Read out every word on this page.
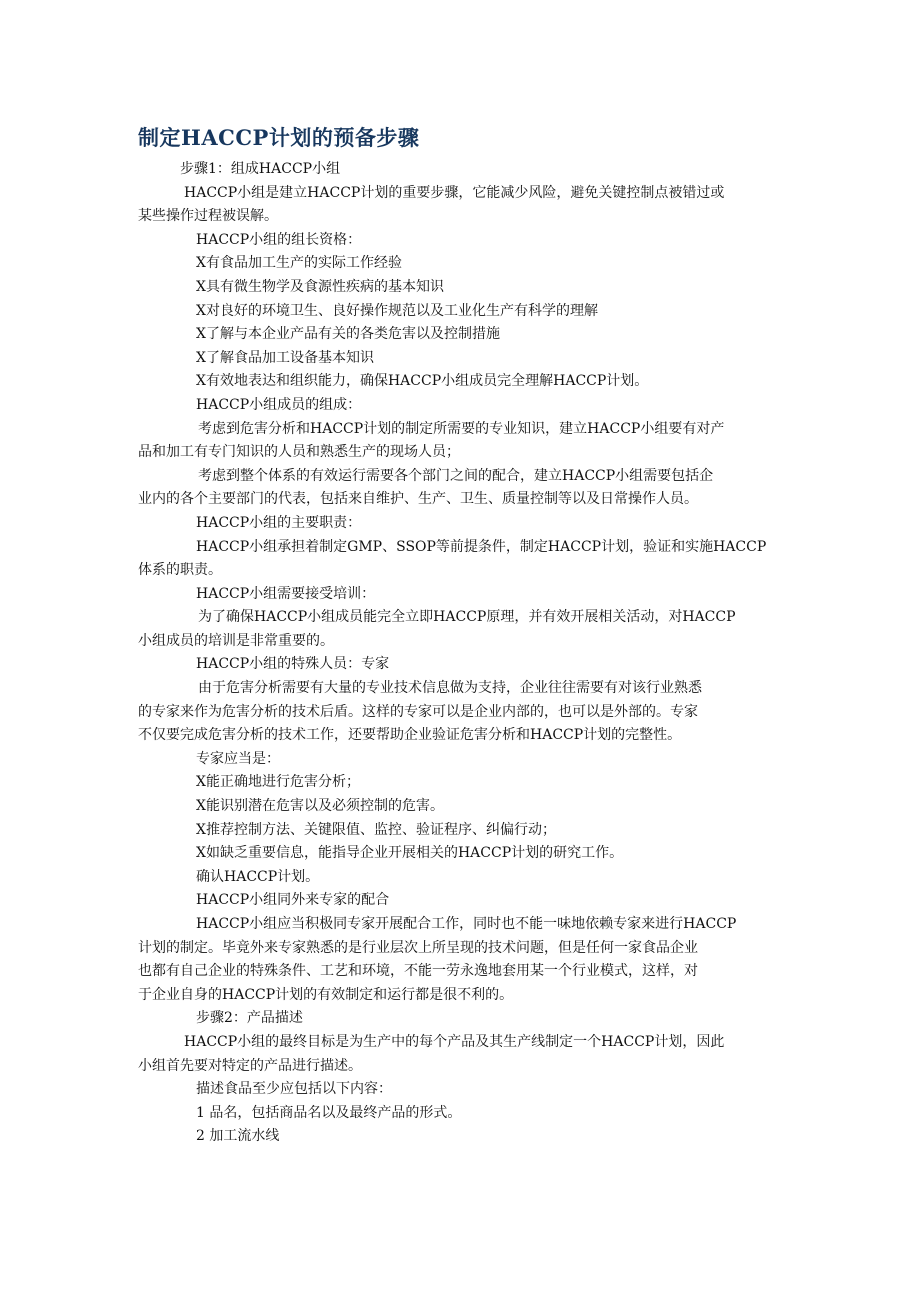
制定HACCP计划的预备步骤
步骤1：组成HACCP小组
HACCP小组是建立HACCP计划的重要步骤，它能减少风险，避免关键控制点被错过或
某些操作过程被误解。
HACCP小组的组长资格：
X有食品加工生产的实际工作经验
X具有微生物学及食源性疾病的基本知识
X对良好的环境卫生、良好操作规范以及工业化生产有科学的理解
X了解与本企业产品有关的各类危害以及控制措施
X了解食品加工设备基本知识
X有效地表达和组织能力，确保HACCP小组成员完全理解HACCP计划。
HACCP小组成员的组成：
考虑到危害分析和HACCP计划的制定所需要的专业知识，建立HACCP小组要有对产
品和加工有专门知识的人员和熟悉生产的现场人员；
考虑到整个体系的有效运行需要各个部门之间的配合，建立HACCP小组需要包括企
业内的各个主要部门的代表，包括来自维护、生产、卫生、质量控制等以及日常操作人员。
HACCP小组的主要职责：
HACCP小组承担着制定GMP、SSOP等前提条件，制定HACCP计划，验证和实施HACCP
体系的职责。
HACCP小组需要接受培训：
为了确保HACCP小组成员能完全立即HACCP原理，并有效开展相关活动，对HACCP
小组成员的培训是非常重要的。
HACCP小组的特殊人员：专家
由于危害分析需要有大量的专业技术信息做为支持，企业往往需要有对该行业熟悉
的专家来作为危害分析的技术后盾。这样的专家可以是企业内部的，也可以是外部的。专家
不仅要完成危害分析的技术工作，还要帮助企业验证危害分析和HACCP计划的完整性。
专家应当是：
X能正确地进行危害分析；
X能识别潜在危害以及必须控制的危害。
X推荐控制方法、关键限值、监控、验证程序、纠偏行动；
X如缺乏重要信息，能指导企业开展相关的HACCP计划的研究工作。
确认HACCP计划。
HACCP小组同外来专家的配合
HACCP小组应当积极同专家开展配合工作，同时也不能一味地依赖专家来进行HACCP
计划的制定。毕竟外来专家熟悉的是行业层次上所呈现的技术问题，但是任何一家食品企业
也都有自己企业的特殊条件、工艺和环境，不能一劳永逸地套用某一个行业模式，这样，对
于企业自身的HACCP计划的有效制定和运行都是很不利的。
步骤2：产品描述
HACCP小组的最终目标是为生产中的每个产品及其生产线制定一个HACCP计划，因此
小组首先要对特定的产品进行描述。
描述食品至少应包括以下内容：
1 品名，包括商品名以及最终产品的形式。
2 加工流水线
